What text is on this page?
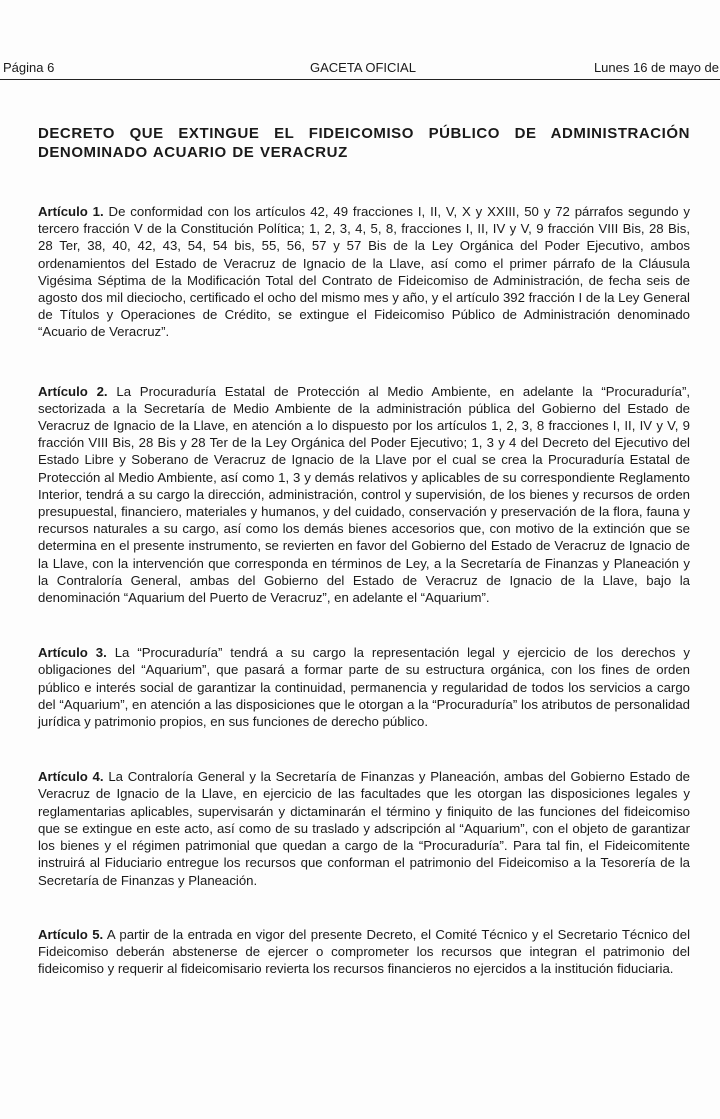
Página 6	GACETA OFICIAL	Lunes 16 de mayo de
DECRETO QUE EXTINGUE EL FIDEICOMISO PÚBLICO DE ADMINISTRACIÓN DENOMINADO ACUARIO DE VERACRUZ

Artículo 1. De conformidad con los artículos 42, 49 fracciones I, II, V, X y XXIII, 50 y 72 párrafos segundo y tercero fracción V de la Constitución Política; 1, 2, 3, 4, 5, 8, fracciones I, II, IV y V, 9 fracción VIII Bis, 28 Bis, 28 Ter, 38, 40, 42, 43, 54, 54 bis, 55, 56, 57 y 57 Bis de la Ley Orgánica del Poder Ejecutivo, ambos ordenamientos del Estado de Veracruz de Ignacio de la Llave, así como el primer párrafo de la Cláusula Vigésima Séptima de la Modificación Total del Contrato de Fideicomiso de Administración, de fecha seis de agosto dos mil dieciocho, certificado el ocho del mismo mes y año, y el artículo 392 fracción I de la Ley General de Títulos y Operaciones de Crédito, se extingue el Fideicomiso Público de Administración denominado “Acuario de Veracruz”.

Artículo 2. La Procuraduría Estatal de Protección al Medio Ambiente, en adelante la “Procuraduría”, sectorizada a la Secretaría de Medio Ambiente de la administración pública del Gobierno del Estado de Veracruz de Ignacio de la Llave, en atención a lo dispuesto por los artículos 1, 2, 3, 8 fracciones I, II, IV y V, 9 fracción VIII Bis, 28 Bis y 28 Ter de la Ley Orgánica del Poder Ejecutivo; 1, 3 y 4 del Decreto del Ejecutivo del Estado Libre y Soberano de Veracruz de Ignacio de la Llave por el cual se crea la Procuraduría Estatal de Protección al Medio Ambiente, así como 1, 3 y demás relativos y aplicables de su correspondiente Reglamento Interior, tendrá a su cargo la dirección, administración, control y supervisión, de los bienes y recursos de orden presupuestal, financiero, materiales y humanos, y del cuidado, conservación y preservación de la flora, fauna y recursos naturales a su cargo, así como los demás bienes accesorios que, con motivo de la extinción que se determina en el presente instrumento, se revierten en favor del Gobierno del Estado de Veracruz de Ignacio de la Llave, con la intervención que corresponda en términos de Ley, a la Secretaría de Finanzas y Planeación y la Contraloría General, ambas del Gobierno del Estado de Veracruz de Ignacio de la Llave, bajo la denominación “Aquarium del Puerto de Veracruz”, en adelante el “Aquarium”.

Artículo 3. La “Procuraduría” tendrá a su cargo la representación legal y ejercicio de los derechos y obligaciones del “Aquarium”, que pasará a formar parte de su estructura orgánica, con los fines de orden público e interés social de garantizar la continuidad, permanencia y regularidad de todos los servicios a cargo del “Aquarium”, en atención a las disposiciones que le otorgan a la “Procuraduría” los atributos de personalidad jurídica y patrimonio propios, en sus funciones de derecho público.

Artículo 4. La Contraloría General y la Secretaría de Finanzas y Planeación, ambas del Gobierno Estado de Veracruz de Ignacio de la Llave, en ejercicio de las facultades que les otorgan las disposiciones legales y reglamentarias aplicables, supervisarán y dictaminarán el término y finiquito de las funciones del fideicomiso que se extingue en este acto, así como de su traslado y adscripción al “Aquarium”, con el objeto de garantizar los bienes y el régimen patrimonial que quedan a cargo de la “Procuraduría”. Para tal fin, el Fideicomitente instruirá al Fiduciario entregue los recursos que conforman el patrimonio del Fideicomiso a la Tesorería de la Secretaría de Finanzas y Planeación.

Artículo 5. A partir de la entrada en vigor del presente Decreto, el Comité Técnico y el Secretario Técnico del Fideicomiso deberán abstenerse de ejercer o comprometer los recursos que integran el patrimonio del fideicomiso y requerir al fideicomisario revierta los recursos financieros no ejercidos a la institución fiduciaria.
